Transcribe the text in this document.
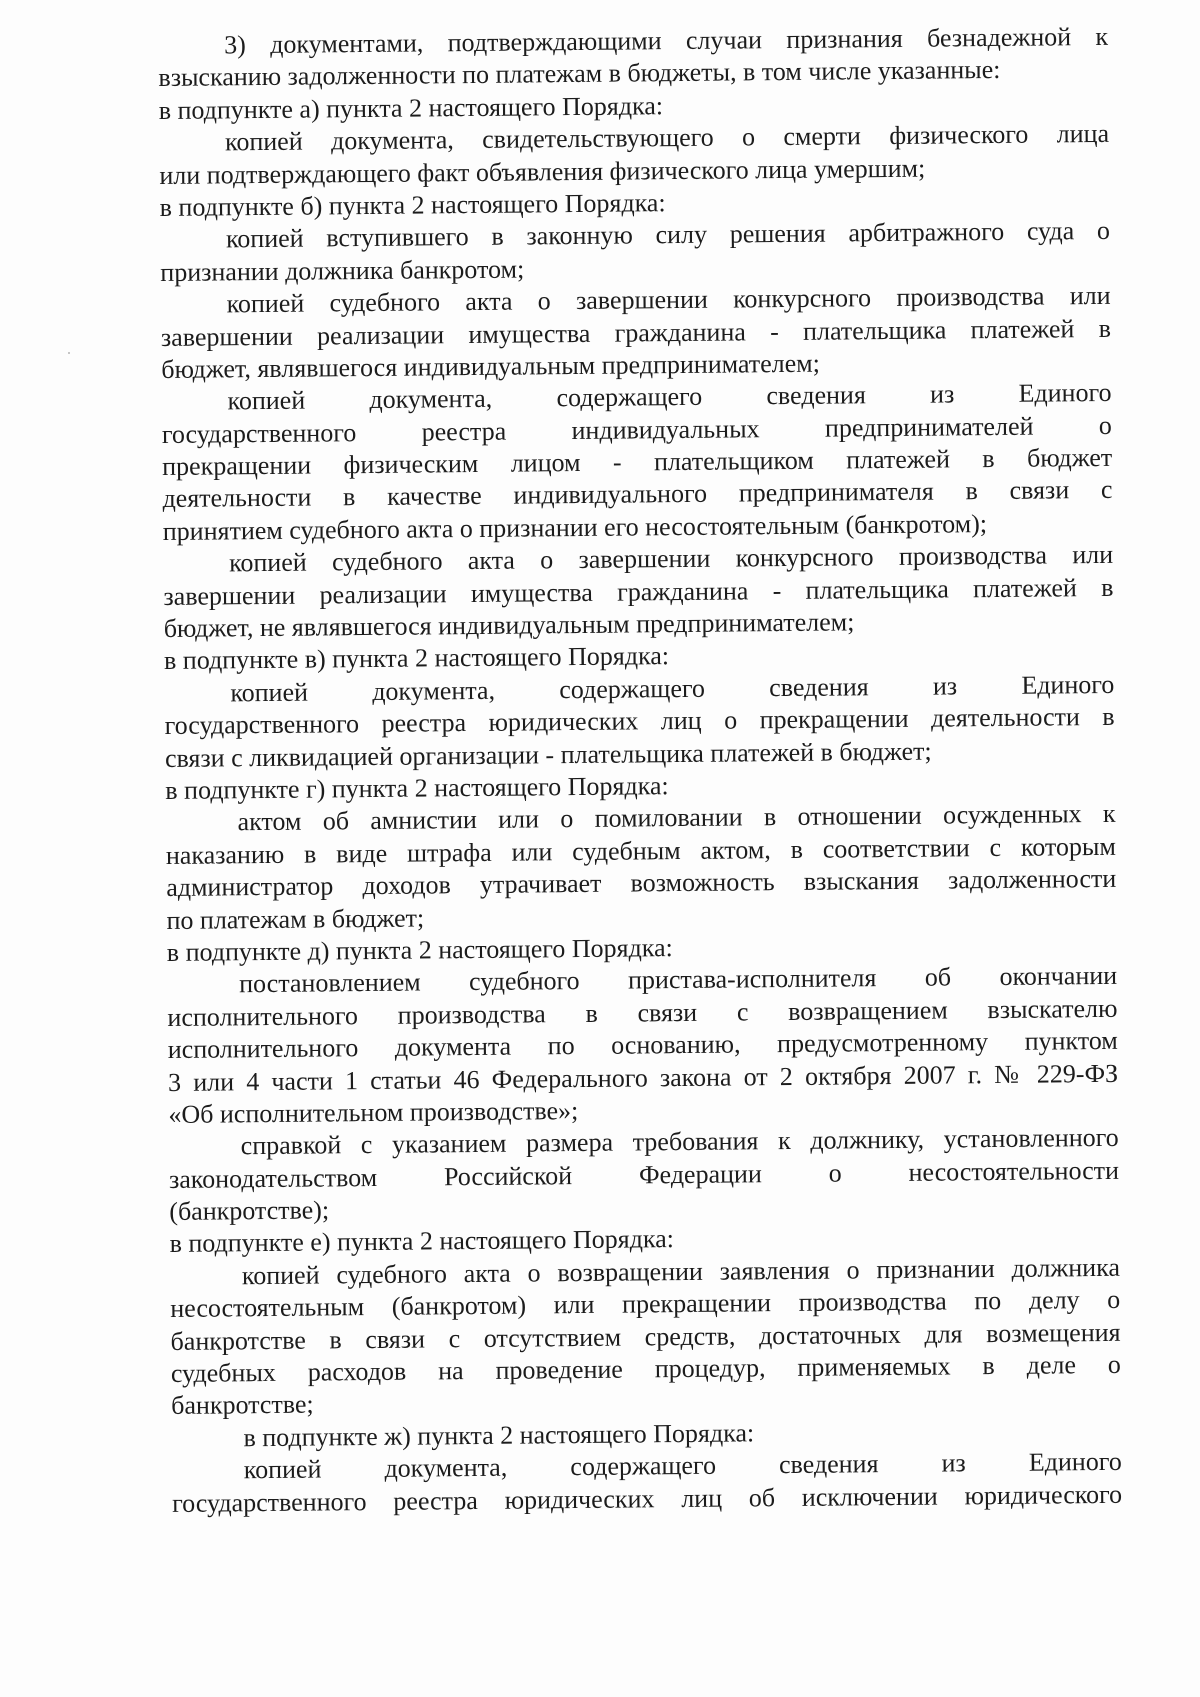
3) документами, подтверждающими случаи признания безнадежной к
взысканию задолженности по платежам в бюджеты, в том числе указанные:
в подпункте а) пункта 2 настоящего Порядка:
копией документа, свидетельствующего о смерти физического лица
или подтверждающего факт объявления физического лица умершим;
в подпункте б) пункта 2 настоящего Порядка:
копией вступившего в законную силу решения арбитражного суда о
признании должника банкротом;
копией судебного акта о завершении конкурсного производства или
завершении реализации имущества гражданина - плательщика платежей в
бюджет, являвшегося индивидуальным предпринимателем;
копией документа, содержащего сведения из Единого
государственного реестра индивидуальных предпринимателей о
прекращении физическим лицом - плательщиком платежей в бюджет
деятельности в качестве индивидуального предпринимателя в связи с
принятием судебного акта о признании его несостоятельным (банкротом);
копией судебного акта о завершении конкурсного производства или
завершении реализации имущества гражданина - плательщика платежей в
бюджет, не являвшегося индивидуальным предпринимателем;
в подпункте в) пункта 2 настоящего Порядка:
копией документа, содержащего сведения из Единого
государственного реестра юридических лиц о прекращении деятельности в
связи с ликвидацией организации - плательщика платежей в бюджет;
в подпункте г) пункта 2 настоящего Порядка:
актом об амнистии или о помиловании в отношении осужденных к
наказанию в виде штрафа или судебным актом, в соответствии с которым
администратор доходов утрачивает возможность взыскания задолженности
по платежам в бюджет;
в подпункте д) пункта 2 настоящего Порядка:
постановлением судебного пристава-исполнителя об окончании
исполнительного производства в связи с возвращением взыскателю
исполнительного документа по основанию, предусмотренному пунктом
3 или 4 части 1 статьи 46 Федерального закона от 2 октября 2007 г. № 229-ФЗ
«Об исполнительном производстве»;
справкой с указанием размера требования к должнику, установленного
законодательством Российской Федерации о несостоятельности
(банкротстве);
в подпункте е) пункта 2 настоящего Порядка:
копией судебного акта о возвращении заявления о признании должника
несостоятельным (банкротом) или прекращении производства по делу о
банкротстве в связи с отсутствием средств, достаточных для возмещения
судебных расходов на проведение процедур, применяемых в деле о
банкротстве;
в подпункте ж) пункта 2 настоящего Порядка:
копией документа, содержащего сведения из Единого
государственного реестра юридических лиц об исключении юридического
